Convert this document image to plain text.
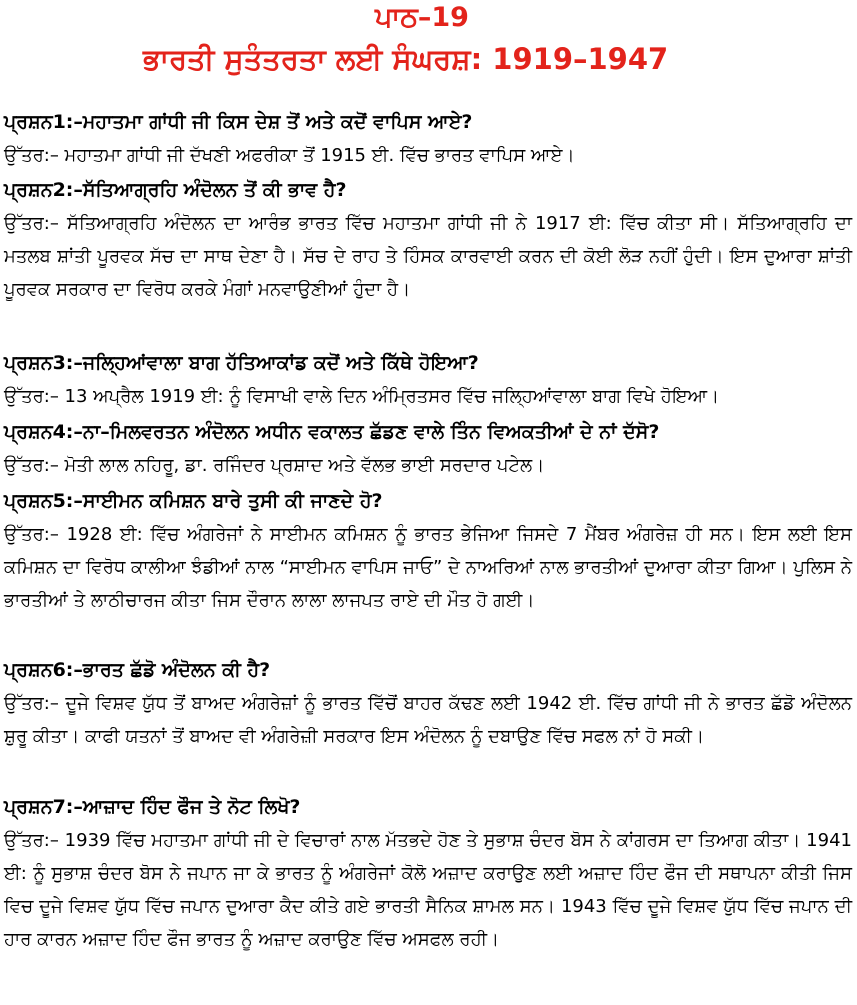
ਪਾਠ–19
ਭਾਰਤੀ ਸੁਤੰਤਰਤਾ ਲਈ ਸੰਘਰਸ਼: 1919–1947
ਪ੍ਰਸ਼ਨ1:–ਮਹਾਤਮਾ ਗਾਂਧੀ ਜੀ ਕਿਸ ਦੇਸ਼ ਤੋਂ ਅਤੇ ਕਦੋਂ ਵਾਪਿਸ ਆਏ?
ਉੱਤਰ:– ਮਹਾਤਮਾ ਗਾਂਧੀ ਜੀ ਦੱਖਣੀ ਅਫਰੀਕਾ ਤੋਂ 1915 ਈ. ਵਿੱਚ ਭਾਰਤ ਵਾਪਿਸ ਆਏ।
ਪ੍ਰਸ਼ਨ2:–ਸੱਤਿਆਗ੍ਰਹਿ ਅੰਦੋਲਨ ਤੋਂ ਕੀ ਭਾਵ ਹੈ?
ਉੱਤਰ:– ਸੱਤਿਆਗ੍ਰਹਿ ਅੰਦੋਲਨ ਦਾ ਆਰੰਭ ਭਾਰਤ ਵਿੱਚ ਮਹਾਤਮਾ ਗਾਂਧੀ ਜੀ ਨੇ 1917 ਈ: ਵਿੱਚ ਕੀਤਾ ਸੀ। ਸੱਤਿਆਗ੍ਰਹਿ ਦਾ ਮਤਲਬ ਸ਼ਾਂਤੀ ਪੂਰਵਕ ਸੱਚ ਦਾ ਸਾਥ ਦੇਣਾ ਹੈ। ਸੱਚ ਦੇ ਰਾਹ ਤੇ ਹਿੰਸਕ ਕਾਰਵਾਈ ਕਰਨ ਦੀ ਕੋਈ ਲੋੜ ਨਹੀਂ ਹੁੰਦੀ। ਇਸ ਦੁਆਰਾ ਸ਼ਾਂਤੀ ਪੂਰਵਕ ਸਰਕਾਰ ਦਾ ਵਿਰੋਧ ਕਰਕੇ ਮੰਗਾਂ ਮਨਵਾਉਣੀਆਂ ਹੁੰਦਾ ਹੈ।
ਪ੍ਰਸ਼ਨ3:–ਜਲ੍ਹਿਆਂਵਾਲਾ ਬਾਗ ਹੱਤਿਆਕਾਂਡ ਕਦੋਂ ਅਤੇ ਕਿੱਥੇ ਹੋਇਆ?
ਉੱਤਰ:– 13 ਅਪ੍ਰੈਲ 1919 ਈ: ਨੂੰ ਵਿਸਾਖੀ ਵਾਲੇ ਦਿਨ ਅੰਮ੍ਰਿਤਸਰ ਵਿੱਚ ਜਲ੍ਹਿਆਂਵਾਲਾ ਬਾਗ ਵਿਖੇ ਹੋਇਆ।
ਪ੍ਰਸ਼ਨ4:–ਨਾ–ਮਿਲਵਰਤਨ ਅੰਦੋਲਨ ਅਧੀਨ ਵਕਾਲਤ ਛੱਡਣ ਵਾਲੇ ਤਿੰਨ ਵਿਅਕਤੀਆਂ ਦੇ ਨਾਂ ਦੱਸੋ?
ਉੱਤਰ:– ਮੋਤੀ ਲਾਲ ਨਹਿਰੂ, ਡਾ. ਰਜਿੰਦਰ ਪ੍ਰਸ਼ਾਦ ਅਤੇ ਵੱਲਭ ਭਾਈ ਸਰਦਾਰ ਪਟੇਲ।
ਪ੍ਰਸ਼ਨ5:–ਸਾਈਮਨ ਕਮਿਸ਼ਨ ਬਾਰੇ ਤੁਸੀ ਕੀ ਜਾਣਦੇ ਹੋ?
ਉੱਤਰ:– 1928 ਈ: ਵਿੱਚ ਅੰਗਰੇਜਾਂ ਨੇ ਸਾਈਮਨ ਕਮਿਸ਼ਨ ਨੂੰ ਭਾਰਤ ਭੇਜਿਆ ਜਿਸਦੇ 7 ਮੈਂਬਰ ਅੰਗਰੇਜ਼ ਹੀ ਸਨ। ਇਸ ਲਈ ਇਸ ਕਮਿਸ਼ਨ ਦਾ ਵਿਰੋਧ ਕਾਲੀਆ ਝੰਡੀਆਂ ਨਾਲ “ਸਾਈਮਨ ਵਾਪਿਸ ਜਾਓ” ਦੇ ਨਾਅਰਿਆਂ ਨਾਲ ਭਾਰਤੀਆਂ ਦੁਆਰਾ ਕੀਤਾ ਗਿਆ। ਪੁਲਿਸ ਨੇ ਭਾਰਤੀਆਂ ਤੇ ਲਾਠੀਚਾਰਜ ਕੀਤਾ ਜਿਸ ਦੌਰਾਨ ਲਾਲਾ ਲਾਜਪਤ ਰਾਏ ਦੀ ਮੌਤ ਹੋ ਗਈ।
ਪ੍ਰਸ਼ਨ6:–ਭਾਰਤ ਛੱਡੋ ਅੰਦੋਲਨ ਕੀ ਹੈ?
ਉੱਤਰ:– ਦੂਜੇ ਵਿਸ਼ਵ ਯੁੱਧ ਤੋਂ ਬਾਅਦ ਅੰਗਰੇਜ਼ਾਂ ਨੂੰ ਭਾਰਤ ਵਿੱਚੋਂ ਬਾਹਰ ਕੱਢਣ ਲਈ 1942 ਈ. ਵਿੱਚ ਗਾਂਧੀ ਜੀ ਨੇ ਭਾਰਤ ਛੱਡੋ ਅੰਦੋਲਨ ਸ਼ੁਰੂ ਕੀਤਾ। ਕਾਫੀ ਯਤਨਾਂ ਤੋਂ ਬਾਅਦ ਵੀ ਅੰਗਰੇਜ਼ੀ ਸਰਕਾਰ ਇਸ ਅੰਦੋਲਨ ਨੂੰ ਦਬਾਉਣ ਵਿੱਚ ਸਫਲ ਨਾਂ ਹੋ ਸਕੀ।
ਪ੍ਰਸ਼ਨ7:–ਆਜ਼ਾਦ ਹਿੰਦ ਫੌਜ ਤੇ ਨੋਟ ਲਿਖੋ?
ਉੱਤਰ:– 1939 ਵਿੱਚ ਮਹਾਤਮਾ ਗਾਂਧੀ ਜੀ ਦੇ ਵਿਚਾਰਾਂ ਨਾਲ ਮੱਤਭਦੇ ਹੋਣ ਤੇ ਸੁਭਾਸ਼ ਚੰਦਰ ਬੋਸ ਨੇ ਕਾਂਗਰਸ ਦਾ ਤਿਆਗ ਕੀਤਾ। 1941 ਈ: ਨੂੰ ਸੁਭਾਸ਼ ਚੰਦਰ ਬੋਸ ਨੇ ਜਪਾਨ ਜਾ ਕੇ ਭਾਰਤ ਨੂੰ ਅੰਗਰੇਜਾਂ ਕੋਲੋ ਅਜ਼ਾਦ ਕਰਾਉਣ ਲਈ ਅਜ਼ਾਦ ਹਿੰਦ ਫੌਜ ਦੀ ਸਥਾਪਨਾ ਕੀਤੀ ਜਿਸ ਵਿਚ ਦੂਜੇ ਵਿਸ਼ਵ ਯੁੱਧ ਵਿੱਚ ਜਪਾਨ ਦੁਆਰਾ ਕੈਦ ਕੀਤੇ ਗਏ ਭਾਰਤੀ ਸੈਨਿਕ ਸ਼ਾਮਲ ਸਨ। 1943 ਵਿੱਚ ਦੂਜੇ ਵਿਸ਼ਵ ਯੁੱਧ ਵਿੱਚ ਜਪਾਨ ਦੀ ਹਾਰ ਕਾਰਨ ਅਜ਼ਾਦ ਹਿੰਦ ਫੌਜ ਭਾਰਤ ਨੂੰ ਅਜ਼ਾਦ ਕਰਾਉਣ ਵਿੱਚ ਅਸਫਲ ਰਹੀ।
